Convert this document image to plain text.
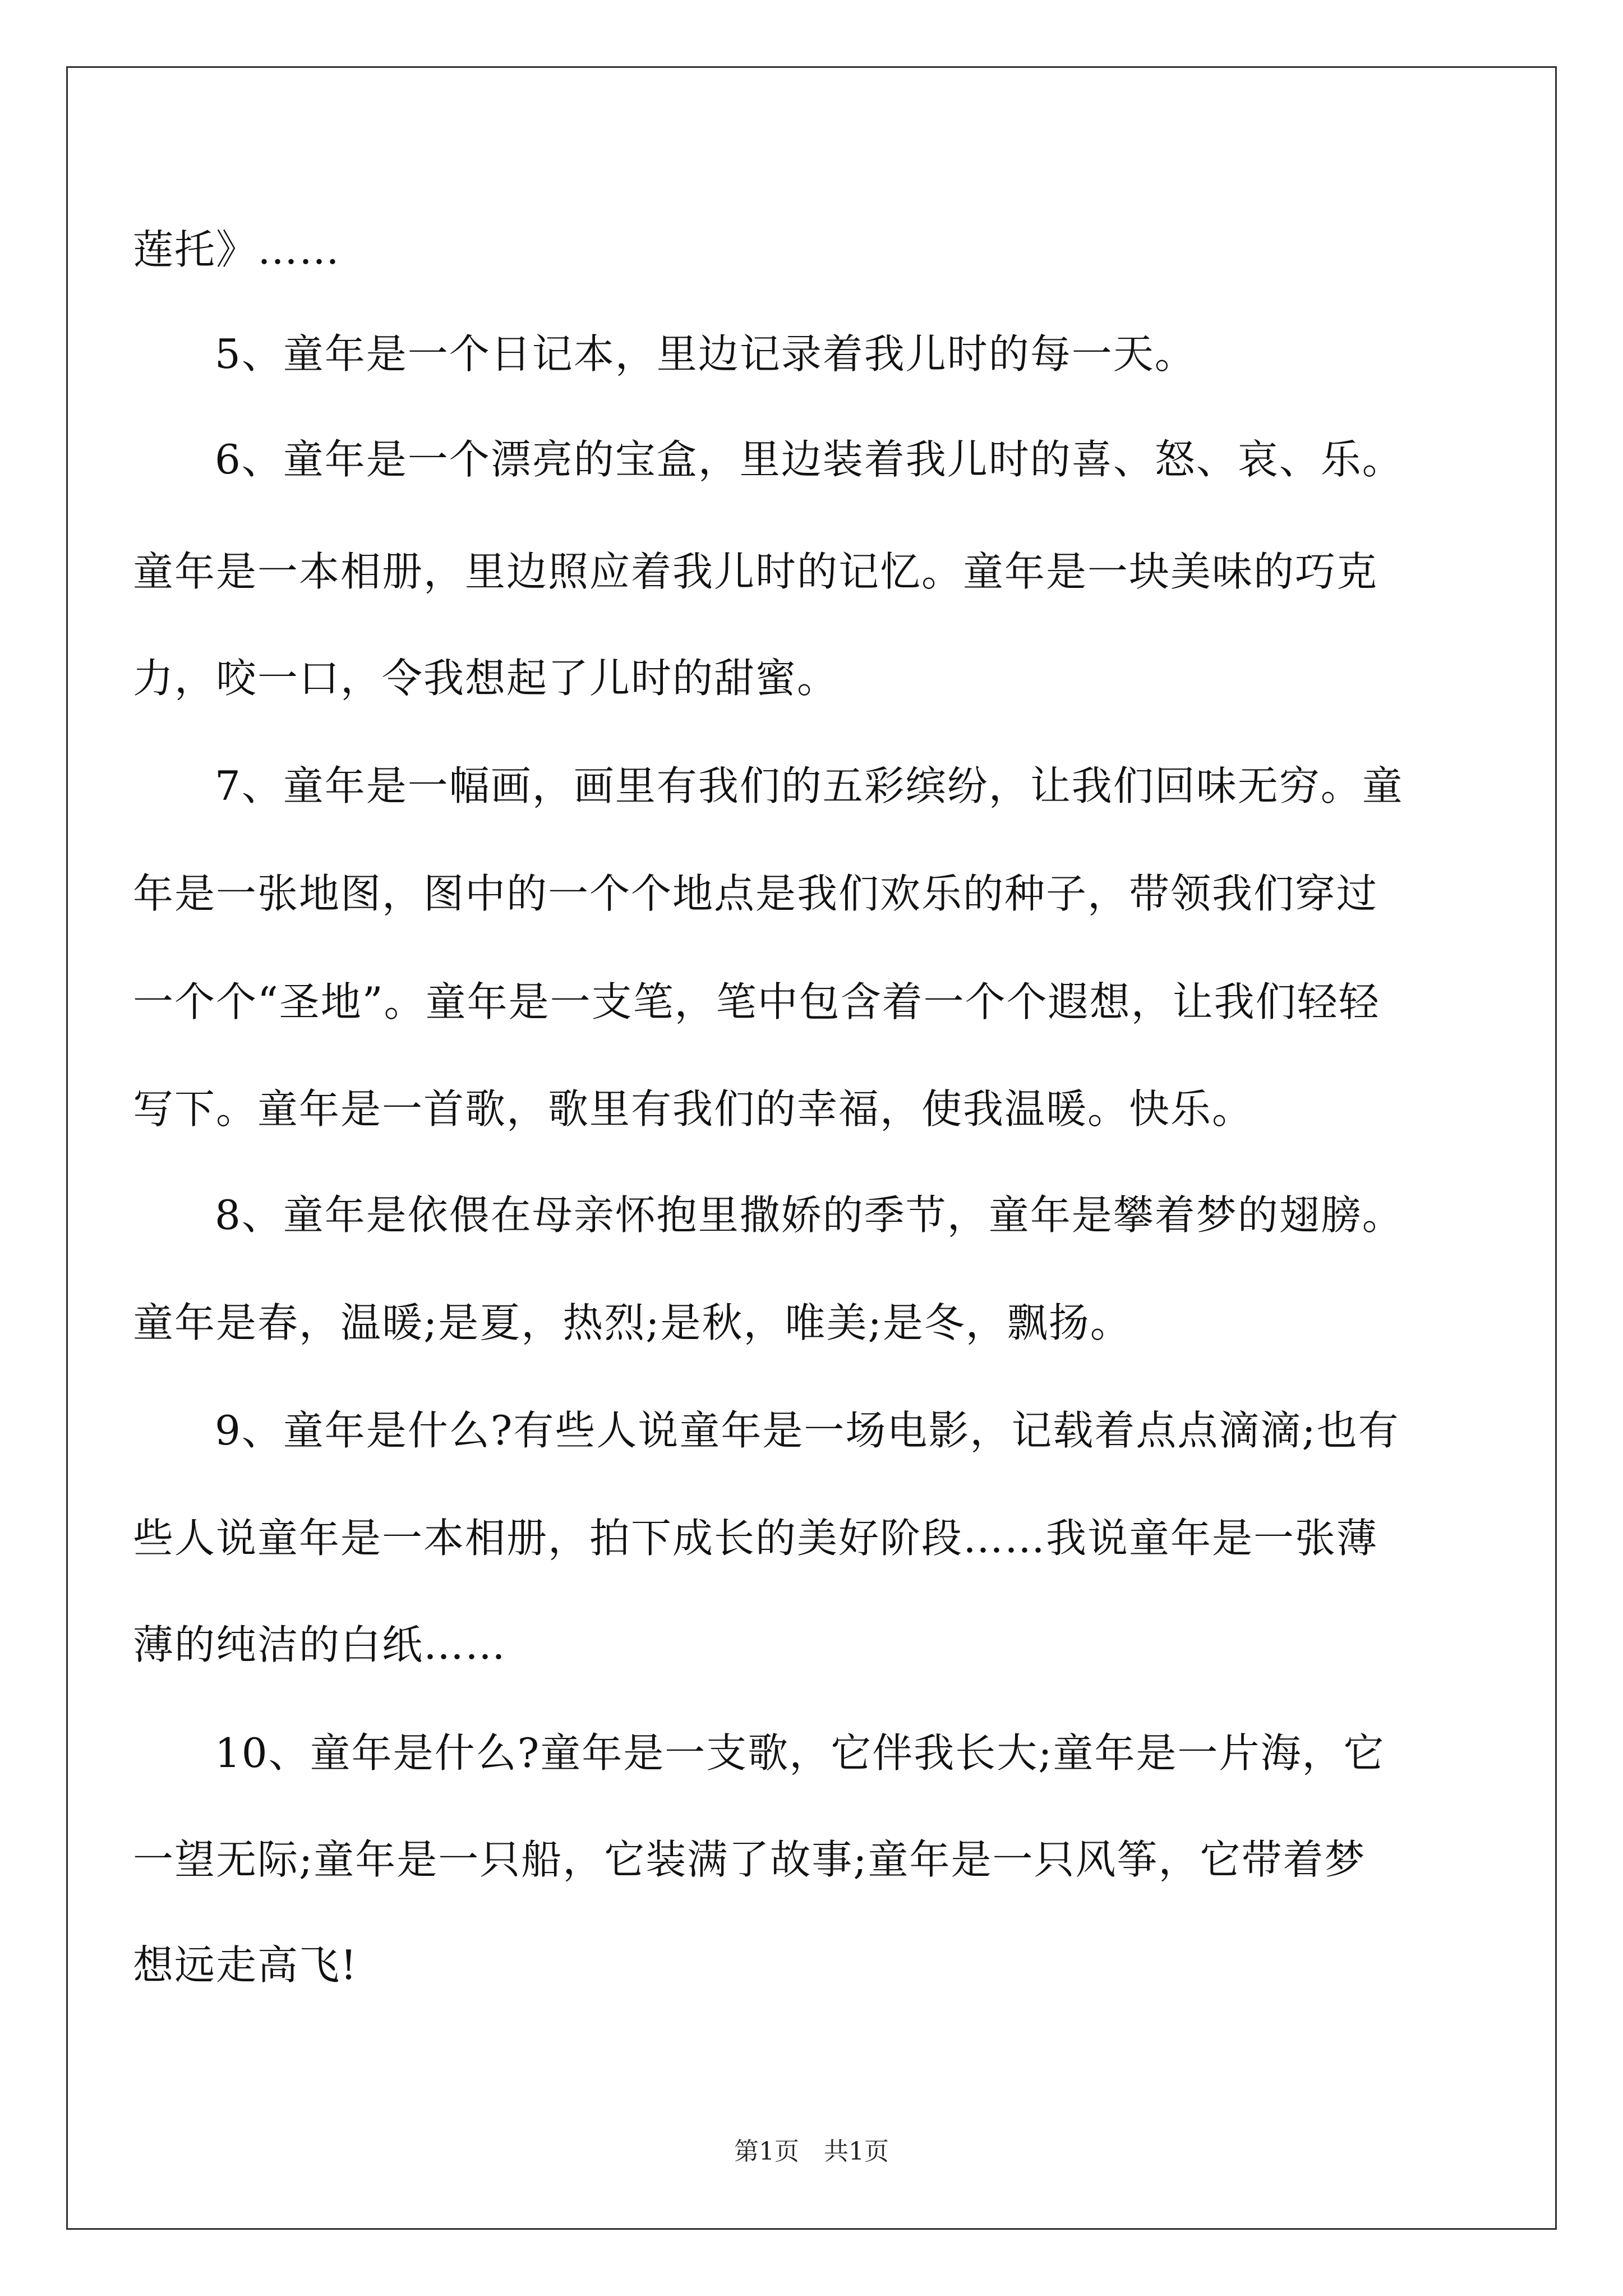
莲托》……
5、童年是一个日记本，里边记录着我儿时的每一天。
6、童年是一个漂亮的宝盒，里边装着我儿时的喜、怒、哀、乐。
童年是一本相册，里边照应着我儿时的记忆。童年是一块美味的巧克
力，咬一口，令我想起了儿时的甜蜜。
7、童年是一幅画，画里有我们的五彩缤纷，让我们回味无穷。童
年是一张地图，图中的一个个地点是我们欢乐的种子，带领我们穿过
一个个“圣地”。童年是一支笔，笔中包含着一个个遐想，让我们轻轻
写下。童年是一首歌，歌里有我们的幸福，使我温暖。快乐。
8、童年是依偎在母亲怀抱里撒娇的季节，童年是攀着梦的翅膀。
童年是春，温暖;是夏，热烈;是秋，唯美;是冬，飘扬。
9、童年是什么?有些人说童年是一场电影，记载着点点滴滴;也有
些人说童年是一本相册，拍下成长的美好阶段……我说童年是一张薄
薄的纯洁的白纸……
10、童年是什么?童年是一支歌，它伴我长大;童年是一片海，它
一望无际;童年是一只船，它装满了故事;童年是一只风筝，它带着梦
想远走高飞!
第1页　共1页
